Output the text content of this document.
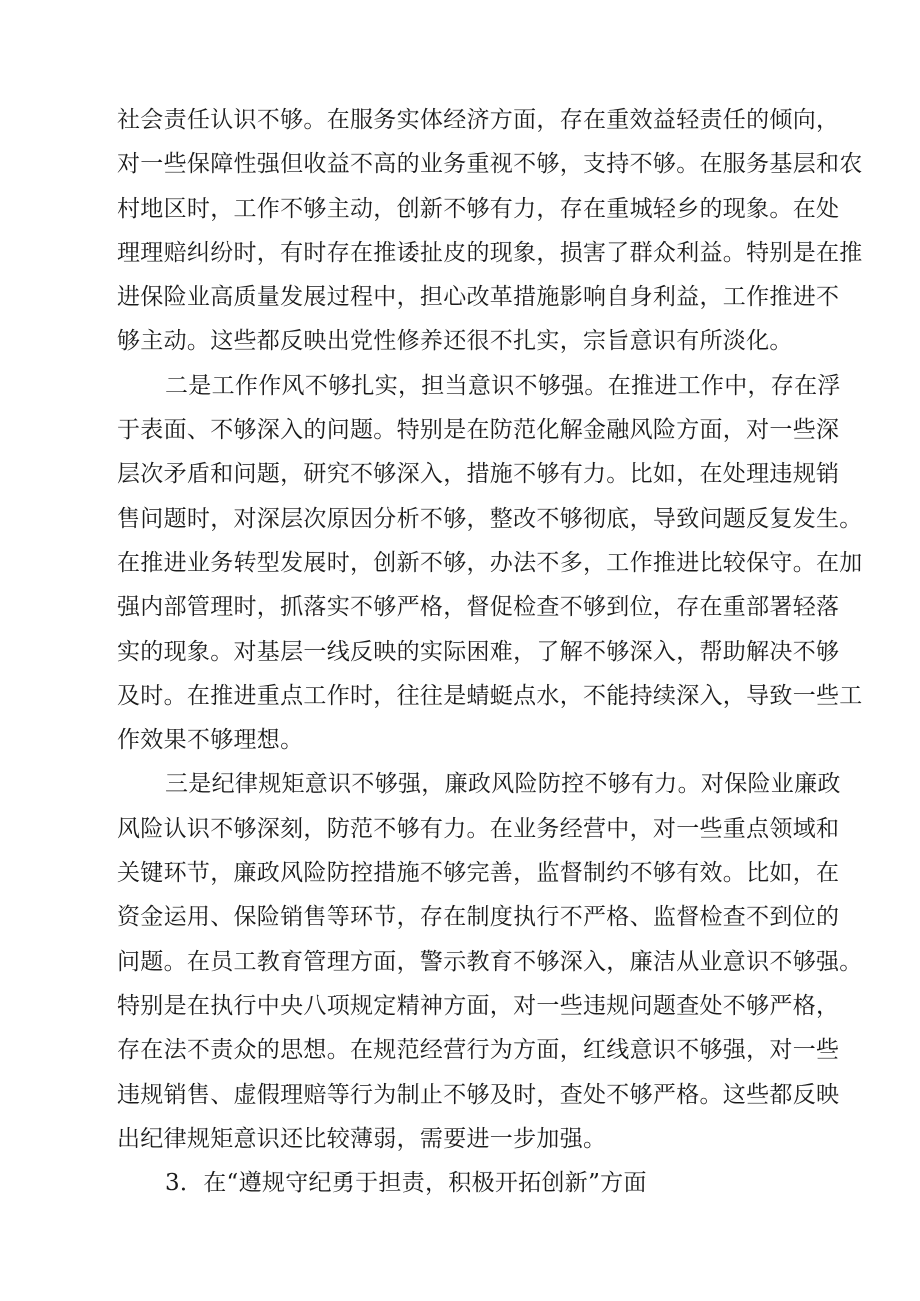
社会责任认识不够。在服务实体经济方面，存在重效益轻责任的倾向，
对一些保障性强但收益不高的业务重视不够，支持不够。在服务基层和农
村地区时，工作不够主动，创新不够有力，存在重城轻乡的现象。在处
理理赔纠纷时，有时存在推诿扯皮的现象，损害了群众利益。特别是在推
进保险业高质量发展过程中，担心改革措施影响自身利益，工作推进不
够主动。这些都反映出党性修养还很不扎实，宗旨意识有所淡化。
二是工作作风不够扎实，担当意识不够强。在推进工作中，存在浮
于表面、不够深入的问题。特别是在防范化解金融风险方面，对一些深
层次矛盾和问题，研究不够深入，措施不够有力。比如，在处理违规销
售问题时，对深层次原因分析不够，整改不够彻底，导致问题反复发生。
在推进业务转型发展时，创新不够，办法不多，工作推进比较保守。在加
强内部管理时，抓落实不够严格，督促检查不够到位，存在重部署轻落
实的现象。对基层一线反映的实际困难，了解不够深入，帮助解决不够
及时。在推进重点工作时，往往是蜻蜓点水，不能持续深入，导致一些工
作效果不够理想。
三是纪律规矩意识不够强，廉政风险防控不够有力。对保险业廉政
风险认识不够深刻，防范不够有力。在业务经营中，对一些重点领域和
关键环节，廉政风险防控措施不够完善，监督制约不够有效。比如，在
资金运用、保险销售等环节，存在制度执行不严格、监督检查不到位的
问题。在员工教育管理方面，警示教育不够深入，廉洁从业意识不够强。
特别是在执行中央八项规定精神方面，对一些违规问题查处不够严格，
存在法不责众的思想。在规范经营行为方面，红线意识不够强，对一些
违规销售、虚假理赔等行为制止不够及时，查处不够严格。这些都反映
出纪律规矩意识还比较薄弱，需要进一步加强。
3．在“遵规守纪勇于担责，积极开拓创新”方面
